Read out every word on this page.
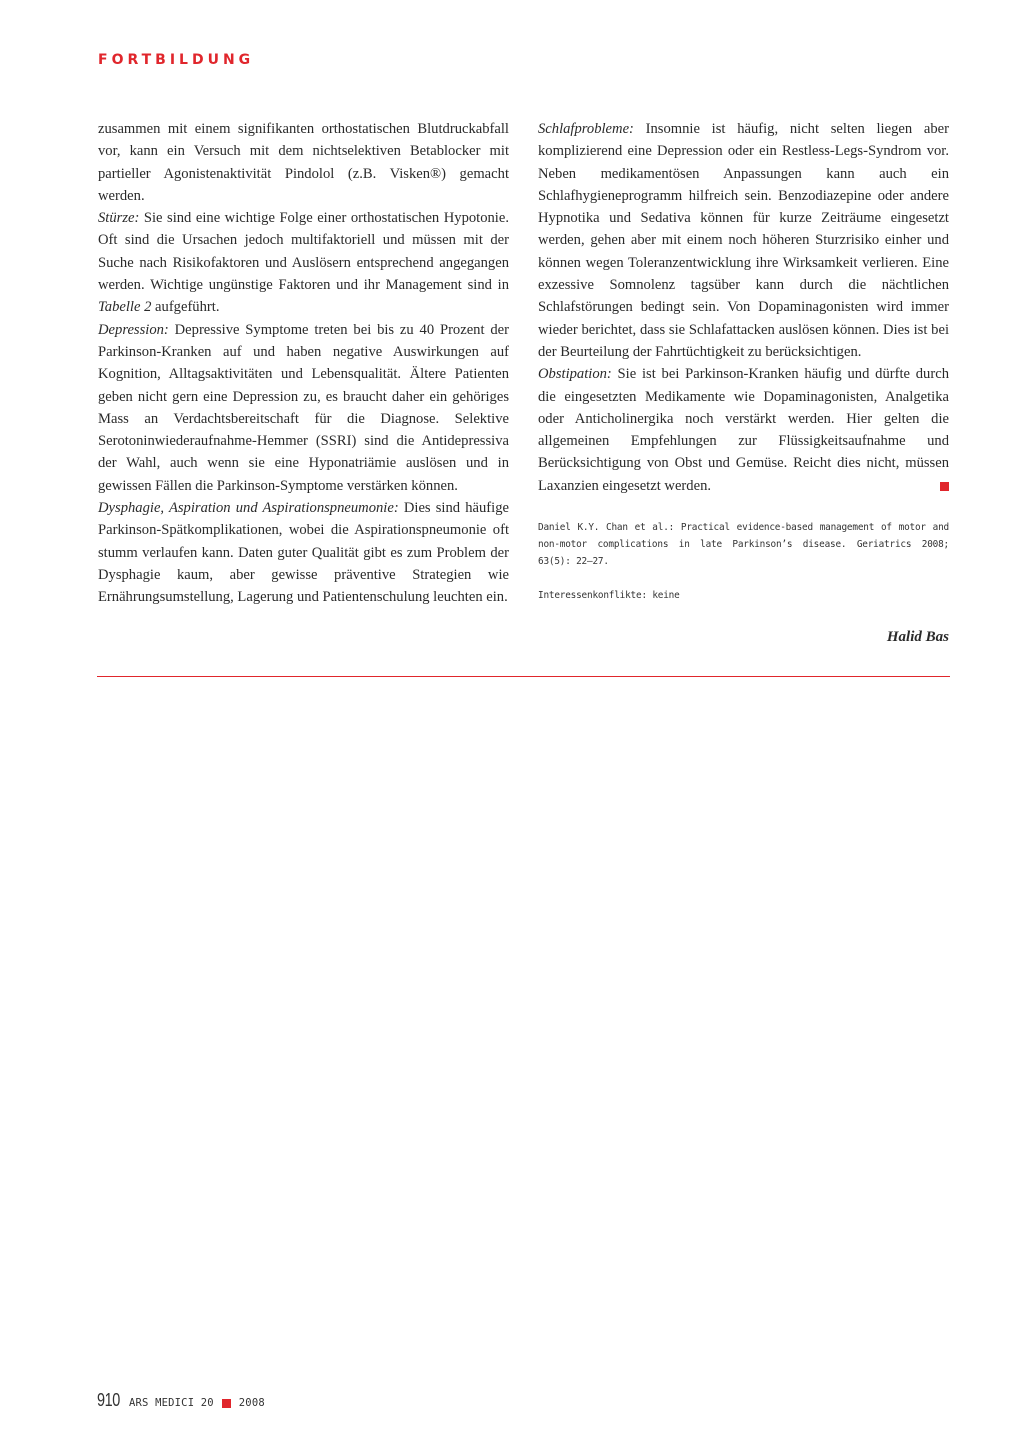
FORTBILDUNG

zusammen mit einem signifikanten orthostatischen Blutdruckabfall vor, kann ein Versuch mit dem nichtselektiven Betablocker mit partieller Agonistenaktivität Pindolol (z.B. Visken®) gemacht werden.

Stürze: Sie sind eine wichtige Folge einer orthostatischen Hypotonie. Oft sind die Ursachen jedoch multifaktoriell und müssen mit der Suche nach Risikofaktoren und Auslösern entsprechend angegangen werden. Wichtige ungünstige Faktoren und ihr Management sind in Tabelle 2 aufgeführt.

Depression: Depressive Symptome treten bei bis zu 40 Prozent der Parkinson-Kranken auf und haben negative Auswirkungen auf Kognition, Alltagsaktivitäten und Lebensqualität. Ältere Patienten geben nicht gern eine Depression zu, es braucht daher ein gehöriges Mass an Verdachtsbereitschaft für die Diagnose. Selektive Serotoninwiederaufnahme-Hemmer (SSRI) sind die Antidepressiva der Wahl, auch wenn sie eine Hyponatriämie auslösen und in gewissen Fällen die Parkinson-Symptome verstärken können.

Dysphagie, Aspiration und Aspirationspneumonie: Dies sind häufige Parkinson-Spätkomplikationen, wobei die Aspirationspneumonie oft stumm verlaufen kann. Daten guter Qualität gibt es zum Problem der Dysphagie kaum, aber gewisse präventive Strategien wie Ernährungsumstellung, Lagerung und Patientenschulung leuchten ein.

Schlafprobleme: Insomnie ist häufig, nicht selten liegen aber komplizierend eine Depression oder ein Restless-Legs-Syndrom vor. Neben medikamentösen Anpassungen kann auch ein Schlafhygieneprogramm hilfreich sein. Benzodiazepine oder andere Hypnotika und Sedativa können für kurze Zeiträume eingesetzt werden, gehen aber mit einem noch höheren Sturzrisiko einher und können wegen Toleranzentwicklung ihre Wirksamkeit verlieren. Eine exzessive Somnolenz tagsüber kann durch die nächtlichen Schlafstörungen bedingt sein. Von Dopaminagonisten wird immer wieder berichtet, dass sie Schlafattacken auslösen können. Dies ist bei der Beurteilung der Fahrtüchtigkeit zu berücksichtigen.

Obstipation: Sie ist bei Parkinson-Kranken häufig und dürfte durch die eingesetzten Medikamente wie Dopaminagonisten, Analgetika oder Anticholinergika noch verstärkt werden. Hier gelten die allgemeinen Empfehlungen zur Flüssigkeitsaufnahme und Berücksichtigung von Obst und Gemüse. Reicht dies nicht, müssen Laxanzien eingesetzt werden.

Daniel K.Y. Chan et al.: Practical evidence-based management of motor and non-motor complications in late Parkinson’s disease. Geriatrics 2008; 63(5): 22–27.

Interessenkonflikte: keine

Halid Bas

910 ARS MEDICI 20 2008
